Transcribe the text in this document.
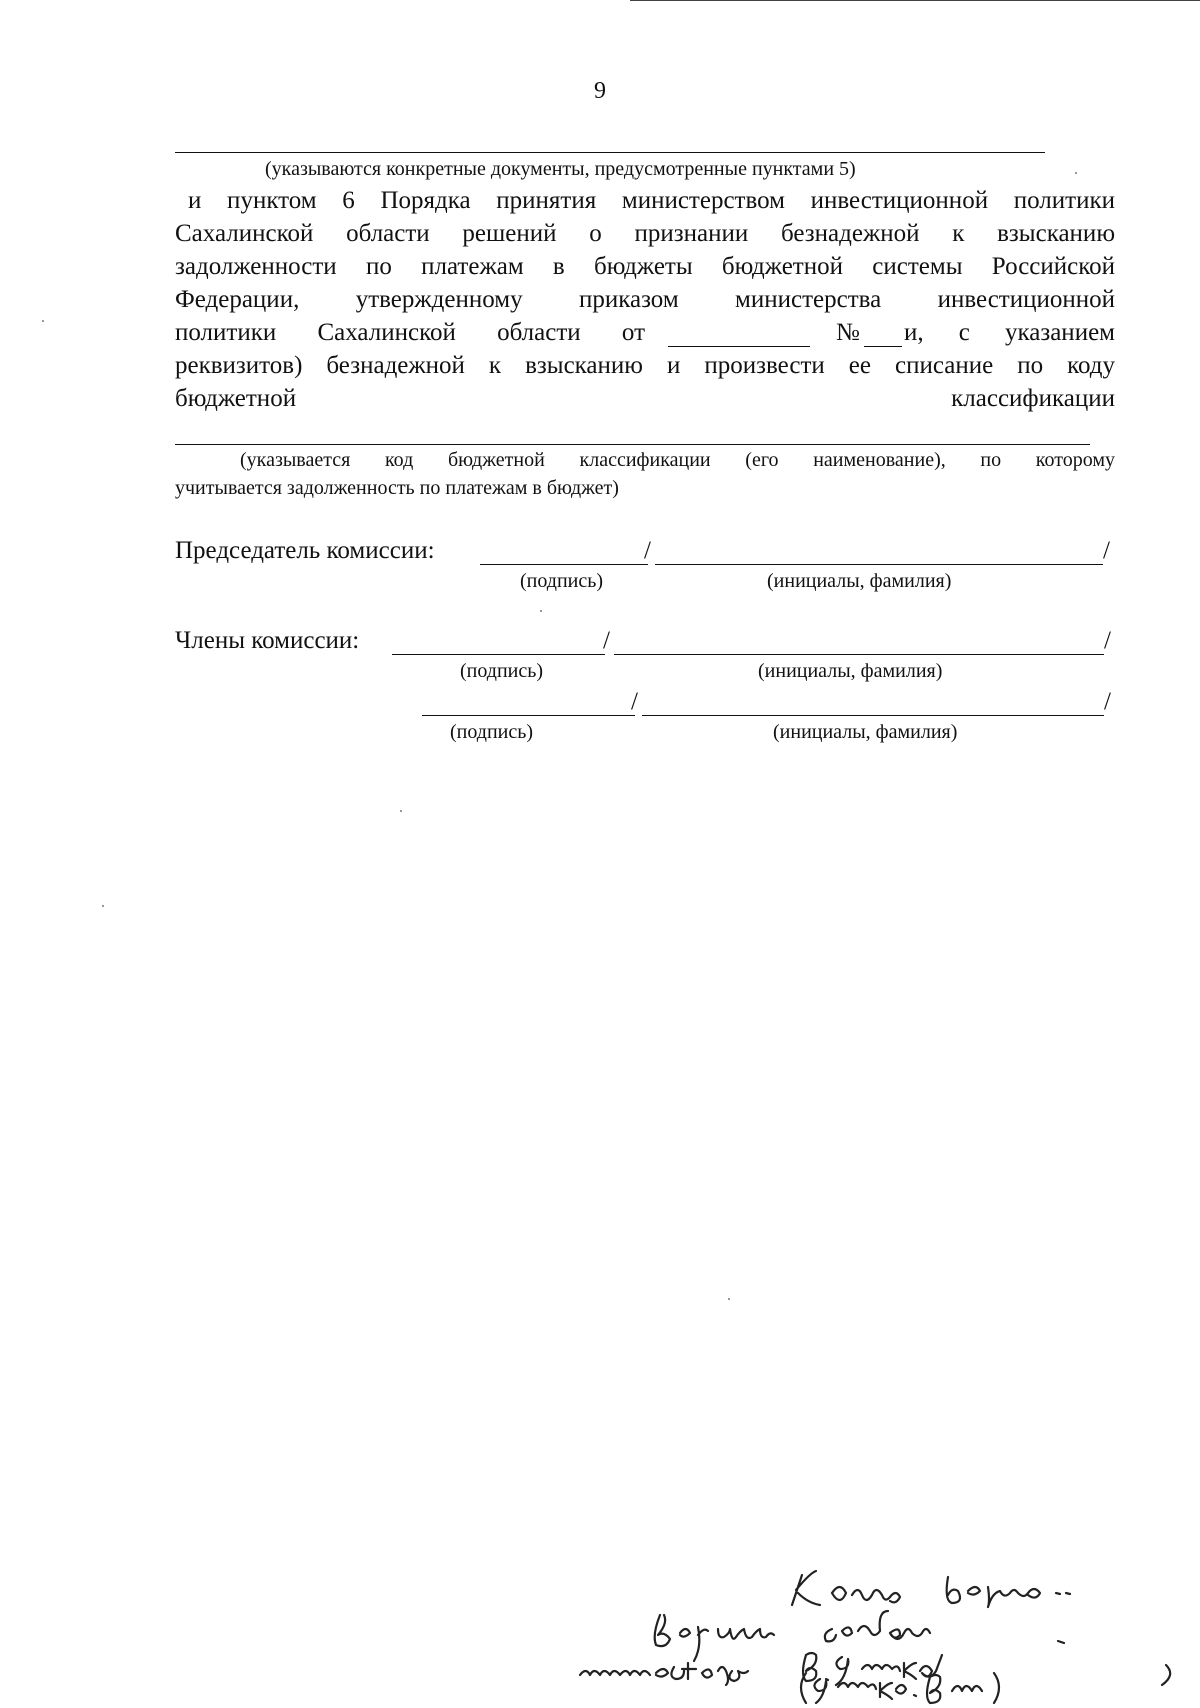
9
(указываются конкретные документы, предусмотренные пунктами 5)
и пунктом 6 Порядка принятия министерством инвестиционной политики
Сахалинской области решений о признании безнадежной к взысканию
задолженности по платежам в бюджеты бюджетной системы Российской
Федерации, утвержденному приказом министерства инвестиционной
политики Сахалинской области от	№ и, с указанием
реквизитов) безнадежной к взысканию и произвести ее списание по коду
бюджетной	классификации
(указывается код бюджетной классификации (его наименование), по которому
учитывается задолженность по платежам в бюджет)
Председатель комиссии:	/	/
(подпись)	(инициалы, фамилия)
Члены комиссии:	/	/
(подпись)	(инициалы, фамилия)
/	/
(подпись)	(инициалы, фамилия)
